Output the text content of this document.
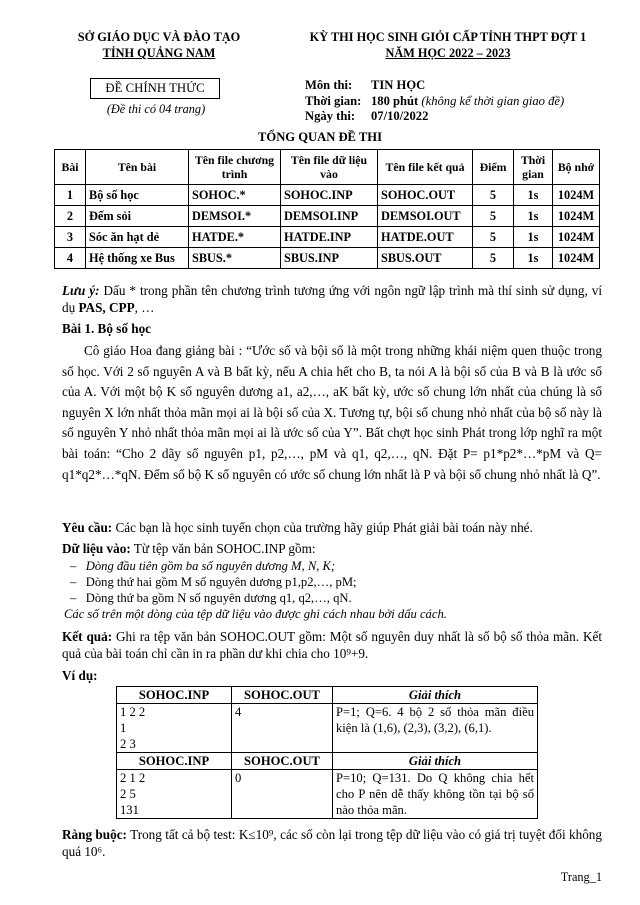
SỞ GIÁO DỤC VÀ ĐÀO TẠO
TỈNH QUẢNG NAM
KỲ THI HỌC SINH GIỎI CẤP TỈNH THPT ĐỢT 1
NĂM HỌC 2022 – 2023
ĐỀ CHÍNH THỨC
(Đề thi có 04 trang)
Môn thi: TIN HỌC
Thời gian: 180 phút (không kể thời gian giao đề)
Ngày thi: 07/10/2022
TỔNG QUAN ĐỀ THI
Bài	Tên bài	Tên file chương trình	Tên file dữ liệu vào	Tên file kết quả	Điểm	Thời gian	Bộ nhớ
1	Bộ số học	SOHOC.*	SOHOC.INP	SOHOC.OUT	5	1s	1024M
2	Đếm sỏi	DEMSOI.*	DEMSOI.INP	DEMSOI.OUT	5	1s	1024M
3	Sóc ăn hạt dẻ	HATDE.*	HATDE.INP	HATDE.OUT	5	1s	1024M
4	Hệ thống xe Bus	SBUS.*	SBUS.INP	SBUS.OUT	5	1s	1024M
Lưu ý: Dấu * trong phần tên chương trình tương ứng với ngôn ngữ lập trình mà thí sinh sử dụng, ví dụ PAS, CPP, …
Bài 1. Bộ số học
Cô giáo Hoa đang giảng bài : “Ước số và bội số là một trong những khái niệm quen thuộc trong số học. Với 2 số nguyên A và B bất kỳ, nếu A chia hết cho B, ta nói A là bội số của B và B là ước số của A. Với một bộ K số nguyên dương a1, a2,…, aK bất kỳ, ước số chung lớn nhất của chúng là số nguyên X lớn nhất thỏa mãn mọi ai là bội số của X. Tương tự, bội số chung nhỏ nhất của bộ số này là số nguyên Y nhỏ nhất thỏa mãn mọi ai là ước số của Y”. Bất chợt học sinh Phát trong lớp nghĩ ra một bài toán: “Cho 2 dãy số nguyên p1, p2,…, pM và q1, q2,…, qN. Đặt P= p1*p2*…*pM và Q= q1*q2*…*qN. Đếm số bộ K số nguyên có ước số chung lớn nhất là P và bội số chung nhỏ nhất là Q”.
Yêu cầu: Các bạn là học sinh tuyển chọn của trường hãy giúp Phát giải bài toán này nhé.
Dữ liệu vào: Từ tệp văn bản SOHOC.INP gồm:
–   Dòng đầu tiên gồm ba số nguyên dương M, N, K;
–   Dòng thứ hai gồm M số nguyên dương p1,p2,…, pM;
–   Dòng thứ ba gồm N số nguyên dương q1, q2,…, qN.
Các số trên một dòng của tệp dữ liệu vào được ghi cách nhau bởi dấu cách.
Kết quả: Ghi ra tệp văn bản SOHOC.OUT gồm: Một số nguyên duy nhất là số bộ số thỏa mãn. Kết quả của bài toán chỉ cần in ra phần dư khi chia cho 10⁹+9.
Ví dụ:
SOHOC.INP	SOHOC.OUT	Giải thích

1 2 2
1
2 3	4	P=1; Q=6. 4 bộ 2 số thỏa mãn điều kiện là (1,6), (2,3), (3,2), (6,1).
SOHOC.INP	SOHOC.OUT	Giải thích

2 1 2
2 5
131	0	P=10; Q=131. Do Q không chia hết cho P nên dễ thấy không tồn tại bộ số nào thỏa mãn.
Ràng buộc: Trong tất cả bộ test: K≤10⁹, các số còn lại trong tệp dữ liệu vào có giá trị tuyệt đối không quá 10⁶.
Trang_1
